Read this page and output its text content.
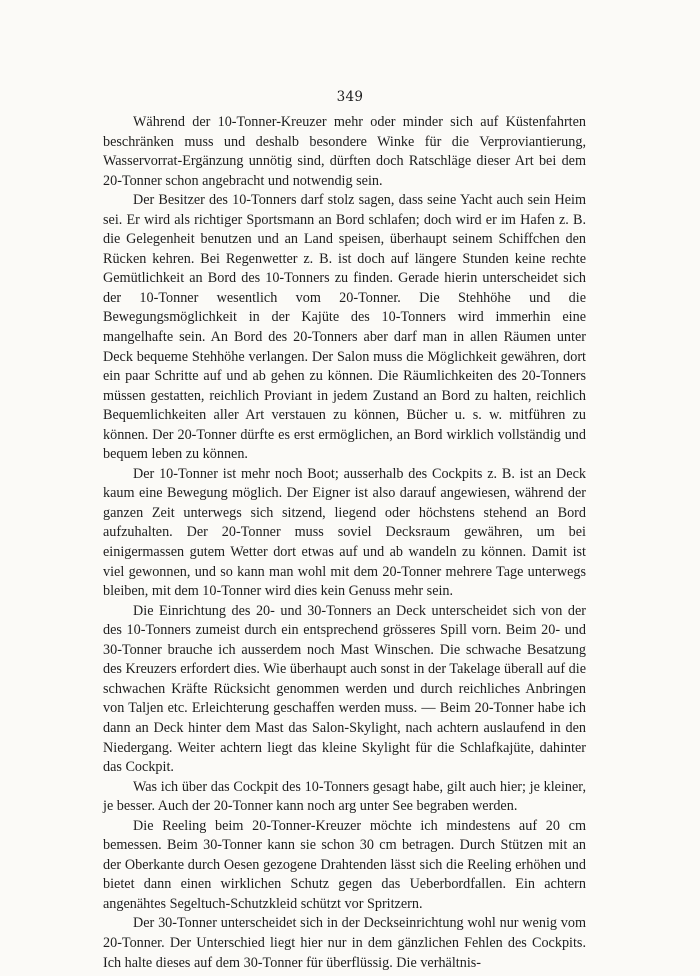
349

Während der 10-Tonner-Kreuzer mehr oder minder sich auf Küstenfahrten beschränken muss und deshalb besondere Winke für die Verproviantierung, Wasservorrat-Ergänzung unnötig sind, dürften doch Ratschläge dieser Art bei dem 20-Tonner schon angebracht und notwendig sein.

Der Besitzer des 10-Tonners darf stolz sagen, dass seine Yacht auch sein Heim sei. Er wird als richtiger Sportsmann an Bord schlafen; doch wird er im Hafen z. B. die Gelegenheit benutzen und an Land speisen, überhaupt seinem Schiffchen den Rücken kehren. Bei Regenwetter z. B. ist doch auf längere Stunden keine rechte Gemütlichkeit an Bord des 10-Tonners zu finden. Gerade hierin unterscheidet sich der 10-Tonner wesentlich vom 20-Tonner. Die Stehhöhe und die Bewegungsmöglichkeit in der Kajüte des 10-Tonners wird immerhin eine mangelhafte sein. An Bord des 20-Tonners aber darf man in allen Räumen unter Deck bequeme Stehhöhe verlangen. Der Salon muss die Möglichkeit gewähren, dort ein paar Schritte auf und ab gehen zu können. Die Räumlichkeiten des 20-Tonners müssen gestatten, reichlich Proviant in jedem Zustand an Bord zu halten, reichlich Bequemlichkeiten aller Art verstauen zu können, Bücher u. s. w. mitführen zu können. Der 20-Tonner dürfte es erst ermöglichen, an Bord wirklich vollständig und bequem leben zu können.

Der 10-Tonner ist mehr noch Boot; ausserhalb des Cockpits z. B. ist an Deck kaum eine Bewegung möglich. Der Eigner ist also darauf angewiesen, während der ganzen Zeit unterwegs sich sitzend, liegend oder höchstens stehend an Bord aufzuhalten. Der 20-Tonner muss soviel Decksraum gewähren, um bei einigermassen gutem Wetter dort etwas auf und ab wandeln zu können. Damit ist viel gewonnen, und so kann man wohl mit dem 20-Tonner mehrere Tage unterwegs bleiben, mit dem 10-Tonner wird dies kein Genuss mehr sein.

Die Einrichtung des 20- und 30-Tonners an Deck unterscheidet sich von der des 10-Tonners zumeist durch ein entsprechend grösseres Spill vorn. Beim 20- und 30-Tonner brauche ich ausserdem noch Mast Winschen. Die schwache Besatzung des Kreuzers erfordert dies. Wie überhaupt auch sonst in der Takelage überall auf die schwachen Kräfte Rücksicht genommen werden und durch reichliches Anbringen von Taljen etc. Erleichterung geschaffen werden muss. — Beim 20-Tonner habe ich dann an Deck hinter dem Mast das Salon-Skylight, nach achtern auslaufend in den Niedergang. Weiter achtern liegt das kleine Skylight für die Schlafkajüte, dahinter das Cockpit.

Was ich über das Cockpit des 10-Tonners gesagt habe, gilt auch hier; je kleiner, je besser. Auch der 20-Tonner kann noch arg unter See begraben werden.

Die Reeling beim 20-Tonner-Kreuzer möchte ich mindestens auf 20 cm bemessen. Beim 30-Tonner kann sie schon 30 cm betragen. Durch Stützen mit an der Oberkante durch Oesen gezogene Drahtenden lässt sich die Reeling erhöhen und bietet dann einen wirklichen Schutz gegen das Ueberbordfallen. Ein achtern angenähtes Segeltuch-Schutzkleid schützt vor Spritzern.

Der 30-Tonner unterscheidet sich in der Deckseinrichtung wohl nur wenig vom 20-Tonner. Der Unterschied liegt hier nur in dem gänzlichen Fehlen des Cockpits. Ich halte dieses auf dem 30-Tonner für überflüssig. Die verhältnis-
